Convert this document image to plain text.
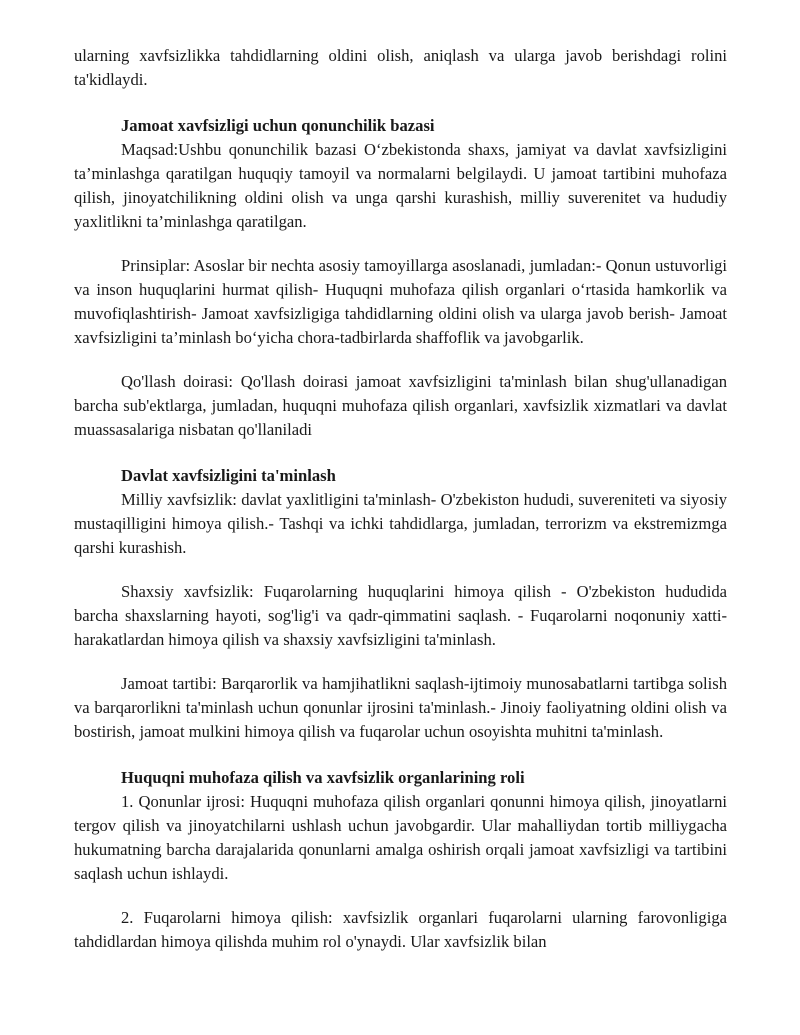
ularning xavfsizlikka tahdidlarning oldini olish, aniqlash va ularga javob berishdagi rolini ta'kidlaydi.

Jamoat xavfsizligi uchun qonunchilik bazasi

Maqsad:Ushbu qonunchilik bazasi O‘zbekistonda shaxs, jamiyat va davlat xavfsizligini ta’minlashga qaratilgan huquqiy tamoyil va normalarni belgilaydi. U jamoat tartibini muhofaza qilish, jinoyatchilikning oldini olish va unga qarshi kurashish, milliy suverenitet va hududiy yaxlitlikni ta’minlashga qaratilgan.

Prinsiplar: Asoslar bir nechta asosiy tamoyillarga asoslanadi, jumladan:- Qonun ustuvorligi va inson huquqlarini hurmat qilish- Huquqni muhofaza qilish organlari o‘rtasida hamkorlik va muvofiqlashtirish- Jamoat xavfsizligiga tahdidlarning oldini olish va ularga javob berish- Jamoat xavfsizligini ta’minlash bo‘yicha chora-tadbirlarda shaffoflik va javobgarlik.

Qo'llash doirasi: Qo'llash doirasi jamoat xavfsizligini ta'minlash bilan shug'ullanadigan barcha sub'ektlarga, jumladan, huquqni muhofaza qilish organlari, xavfsizlik xizmatlari va davlat muassasalariga nisbatan qo'llaniladi

Davlat xavfsizligini ta'minlash

Milliy xavfsizlik: davlat yaxlitligini ta'minlash- O'zbekiston hududi, suvereniteti va siyosiy mustaqilligini himoya qilish.- Tashqi va ichki tahdidlarga, jumladan, terrorizm va ekstremizmga qarshi kurashish.

Shaxsiy xavfsizlik: Fuqarolarning huquqlarini himoya qilish - O'zbekiston hududida barcha shaxslarning hayoti, sog'lig'i va qadr-qimmatini saqlash. - Fuqarolarni noqonuniy xatti-harakatlardan himoya qilish va shaxsiy xavfsizligini ta'minlash.

Jamoat tartibi: Barqarorlik va hamjihatlikni saqlash-ijtimoiy munosabatlarni tartibga solish va barqarorlikni ta'minlash uchun qonunlar ijrosini ta'minlash.- Jinoiy faoliyatning oldini olish va bostirish, jamoat mulkini himoya qilish va fuqarolar uchun osoyishta muhitni ta'minlash.

Huquqni muhofaza qilish va xavfsizlik organlarining roli

1. Qonunlar ijrosi: Huquqni muhofaza qilish organlari qonunni himoya qilish, jinoyatlarni tergov qilish va jinoyatchilarni ushlash uchun javobgardir. Ular mahalliydan tortib milliygacha hukumatning barcha darajalarida qonunlarni amalga oshirish orqali jamoat xavfsizligi va tartibini saqlash uchun ishlaydi.

2. Fuqarolarni himoya qilish: xavfsizlik organlari fuqarolarni ularning farovonligiga tahdidlardan himoya qilishda muhim rol o'ynaydi. Ular xavfsizlik bilan
